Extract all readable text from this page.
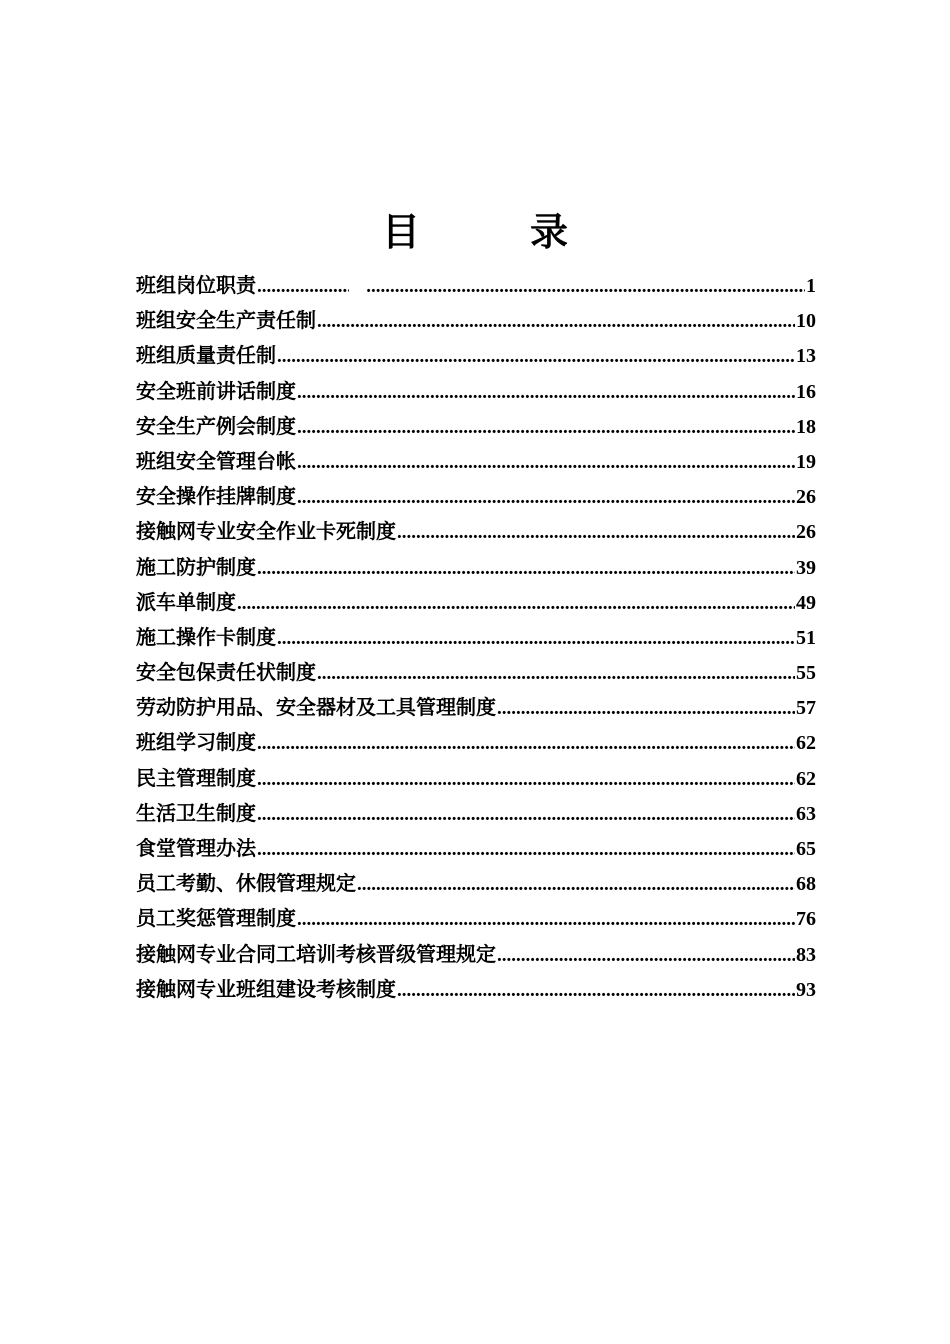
目　录
班组岗位职责 ..... .....	1
班组安全生产责任制 .....	10
班组质量责任制 .....	13
安全班前讲话制度 .....	16
安全生产例会制度 .....	18
班组安全管理台帐 .....	19
安全操作挂牌制度 .....	26
接触网专业安全作业卡死制度 .....	26
施工防护制度 .....	39
派车单制度 .....	49
施工操作卡制度 .....	51
安全包保责任状制度 .....	55
劳动防护用品、安全器材及工具管理制度 .....	57
班组学习制度 .....	62
民主管理制度 .....	62
生活卫生制度 .....	63
食堂管理办法 .....	65
员工考勤、休假管理规定 .....	68
员工奖惩管理制度 .....	76
接触网专业合同工培训考核晋级管理规定 .....	83
接触网专业班组建设考核制度 .....	93
